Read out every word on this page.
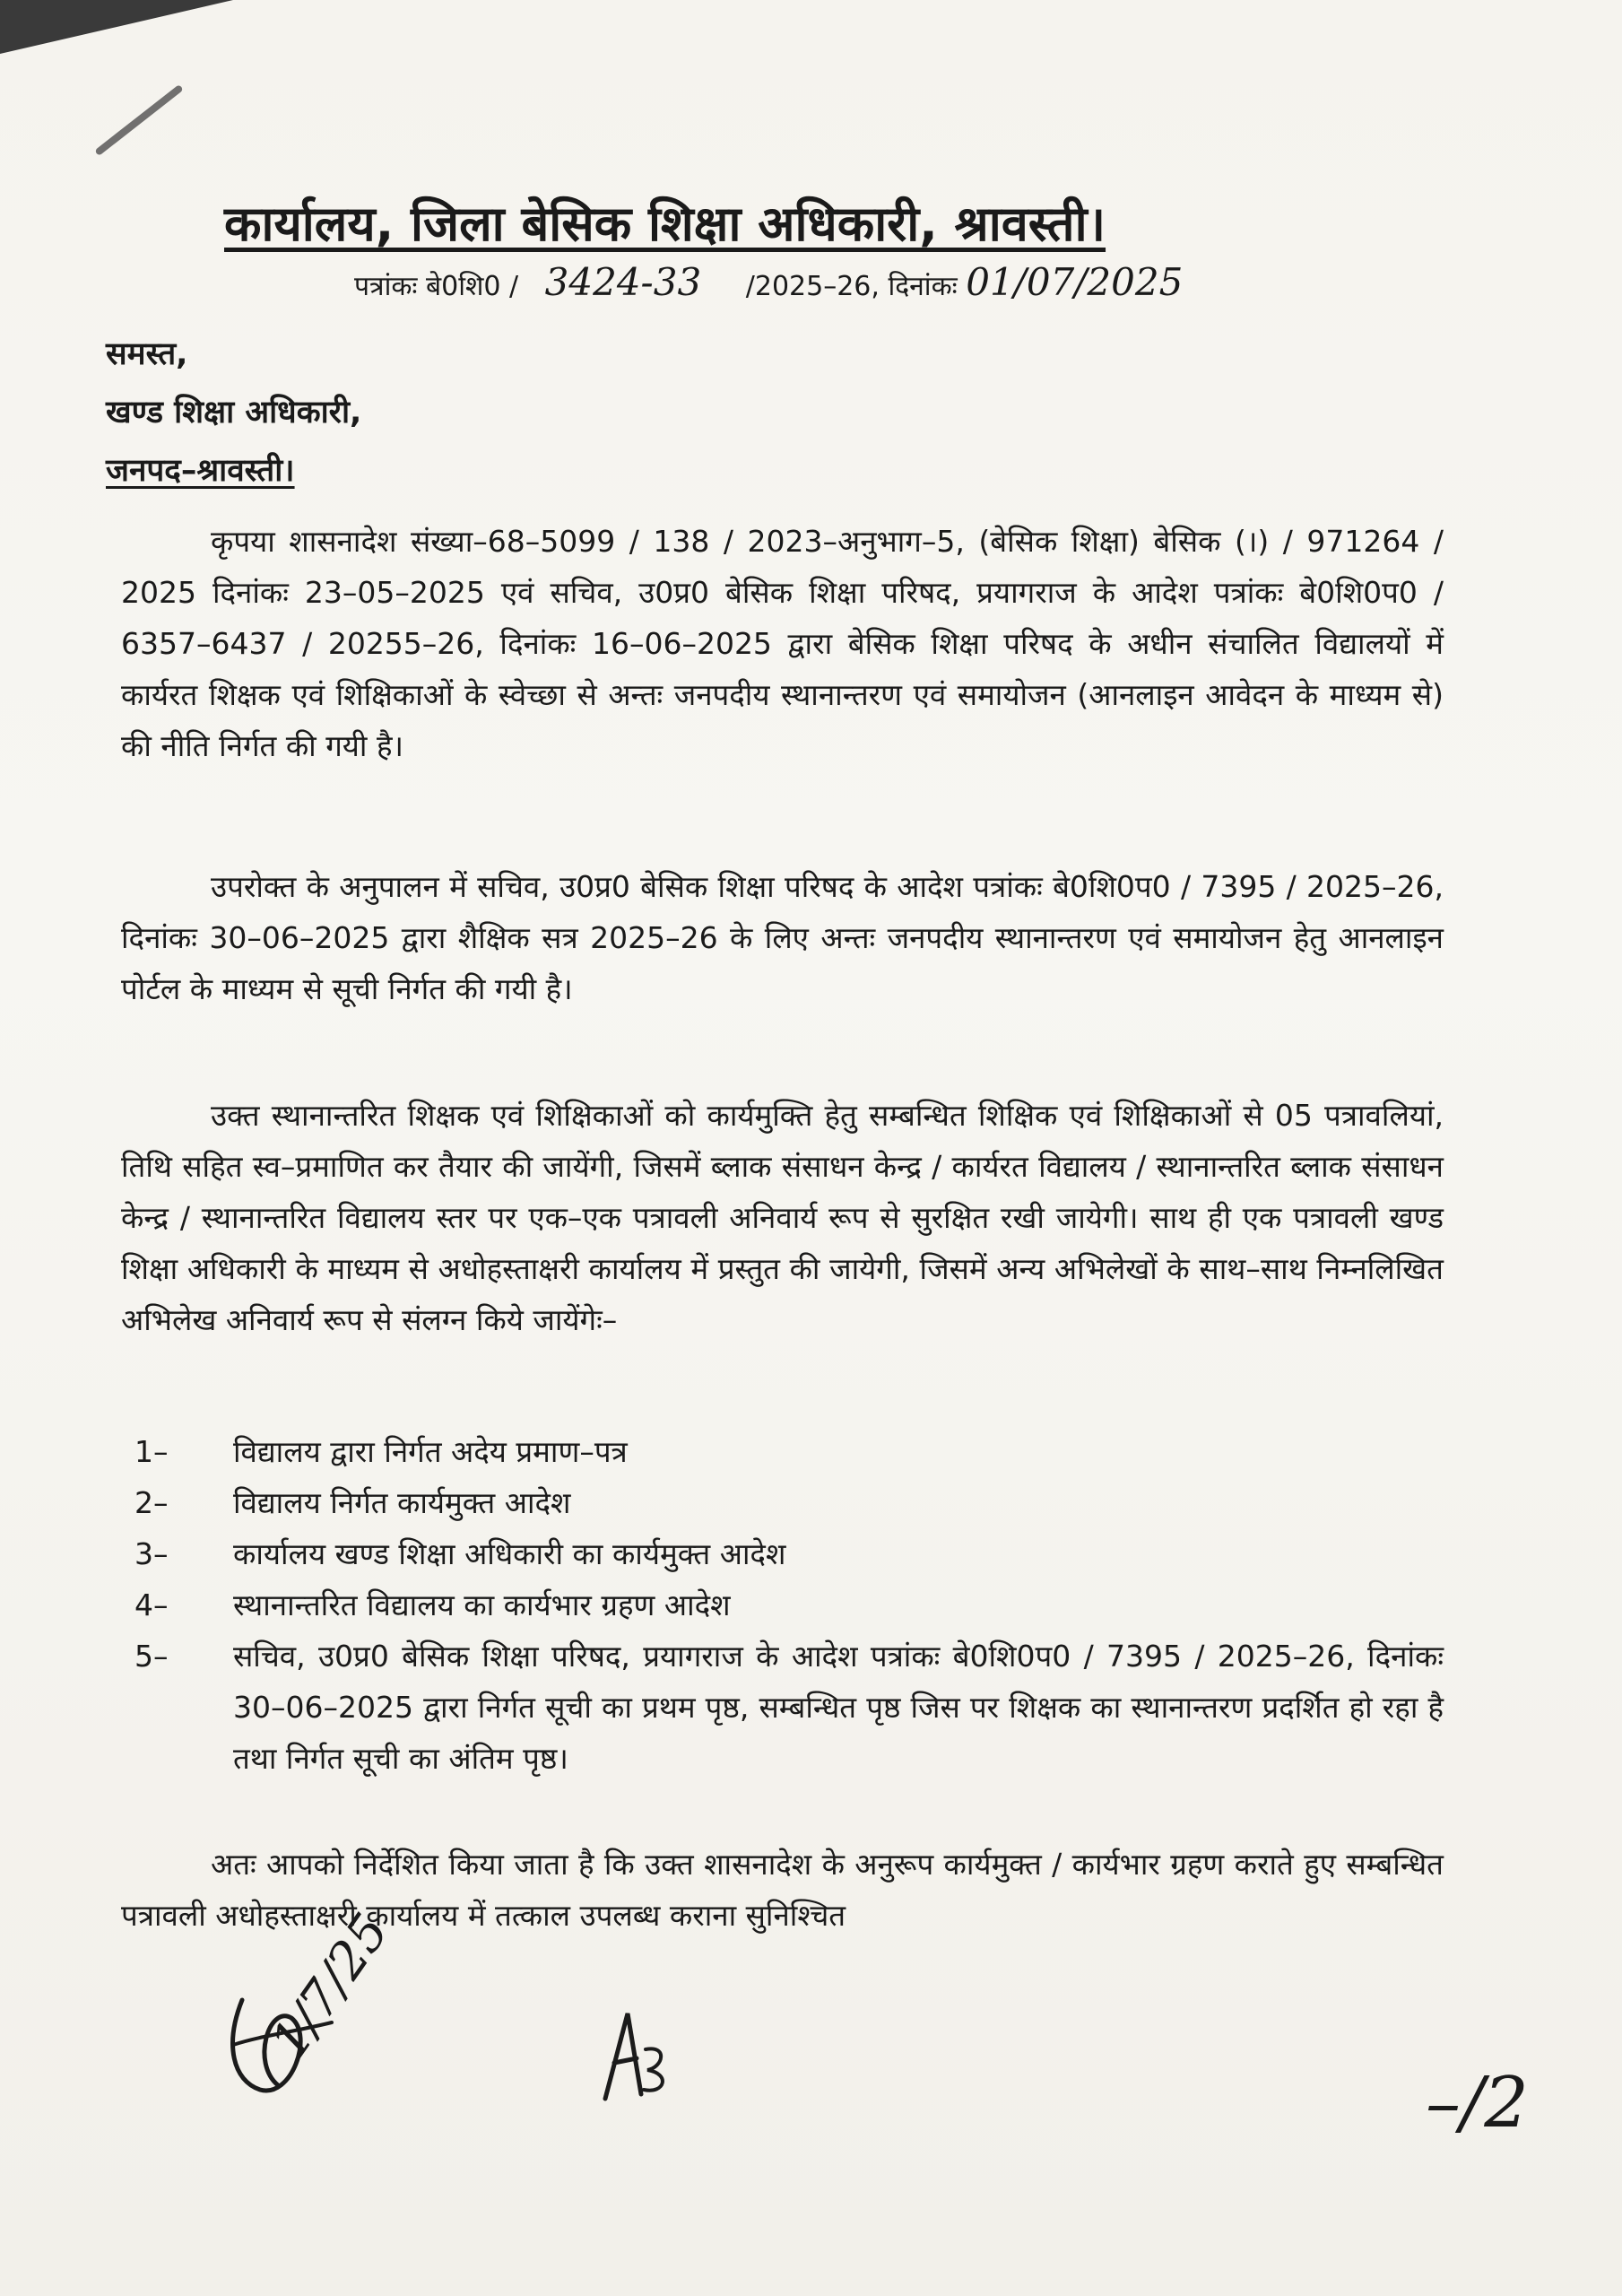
कार्यालय, जिला बेसिक शिक्षा अधिकारी, श्रावस्ती।
पत्रांकः बे0शि0 / 3424-33 /2025–26, दिनांकः 01/07/2025
समस्त,
खण्ड शिक्षा अधिकारी,
जनपद–श्रावस्ती।
कृपया शासनादेश संख्या–68–5099 / 138 / 2023–अनुभाग–5, (बेसिक शिक्षा) बेसिक (।) / 971264 / 2025 दिनांकः 23–05–2025 एवं सचिव, उ0प्र0 बेसिक शिक्षा परिषद, प्रयागराज के आदेश पत्रांकः बे0शि0प0 / 6357–6437 / 20255–26, दिनांकः 16–06–2025 द्वारा बेसिक शिक्षा परिषद के अधीन संचालित विद्यालयों में कार्यरत शिक्षक एवं शिक्षिकाओं के स्वेच्छा से अन्तः जनपदीय स्थानान्तरण एवं समायोजन (आनलाइन आवेदन के माध्यम से) की नीति निर्गत की गयी है।
उपरोक्त के अनुपालन में सचिव, उ0प्र0 बेसिक शिक्षा परिषद के आदेश पत्रांकः बे0शि0प0 / 7395 / 2025–26, दिनांकः 30–06–2025 द्वारा शैक्षिक सत्र 2025–26 के लिए अन्तः जनपदीय स्थानान्तरण एवं समायोजन हेतु आनलाइन पोर्टल के माध्यम से सूची निर्गत की गयी है।
उक्त स्थानान्तरित शिक्षक एवं शिक्षिकाओं को कार्यमुक्ति हेतु सम्बन्धित शिक्षिक एवं शिक्षिकाओं से 05 पत्रावलियां, तिथि सहित स्व–प्रमाणित कर तैयार की जायेंगी, जिसमें ब्लाक संसाधन केन्द्र / कार्यरत विद्यालय / स्थानान्तरित ब्लाक संसाधन केन्द्र / स्थानान्तरित विद्यालय स्तर पर एक–एक पत्रावली अनिवार्य रूप से सुरक्षित रखी जायेगी। साथ ही एक पत्रावली खण्ड शिक्षा अधिकारी के माध्यम से अधोहस्ताक्षरी कार्यालय में प्रस्तुत की जायेगी, जिसमें अन्य अभिलेखों के साथ–साथ निम्नलिखित अभिलेख अनिवार्य रूप से संलग्न किये जायेंगेः–
1–	विद्यालय द्वारा निर्गत अदेय प्रमाण–पत्र
2–	विद्यालय निर्गत कार्यमुक्त आदेश
3–	कार्यालय खण्ड शिक्षा अधिकारी का कार्यमुक्त आदेश
4–	स्थानान्तरित विद्यालय का कार्यभार ग्रहण आदेश
5–	सचिव, उ0प्र0 बेसिक शिक्षा परिषद, प्रयागराज के आदेश पत्रांकः बे0शि0प0 / 7395 / 2025–26, दिनांकः 30–06–2025 द्वारा निर्गत सूची का प्रथम पृष्ठ, सम्बन्धित पृष्ठ जिस पर शिक्षक का स्थानान्तरण प्रदर्शित हो रहा है तथा निर्गत सूची का अंतिम पृष्ठ।
अतः आपको निर्देशित किया जाता है कि उक्त शासनादेश के अनुरूप कार्यमुक्त / कार्यभार ग्रहण कराते हुए सम्बन्धित पत्रावली अधोहस्ताक्षरी कार्यालय में तत्काल उपलब्ध कराना सुनिश्चित
1/7/25
–/2
